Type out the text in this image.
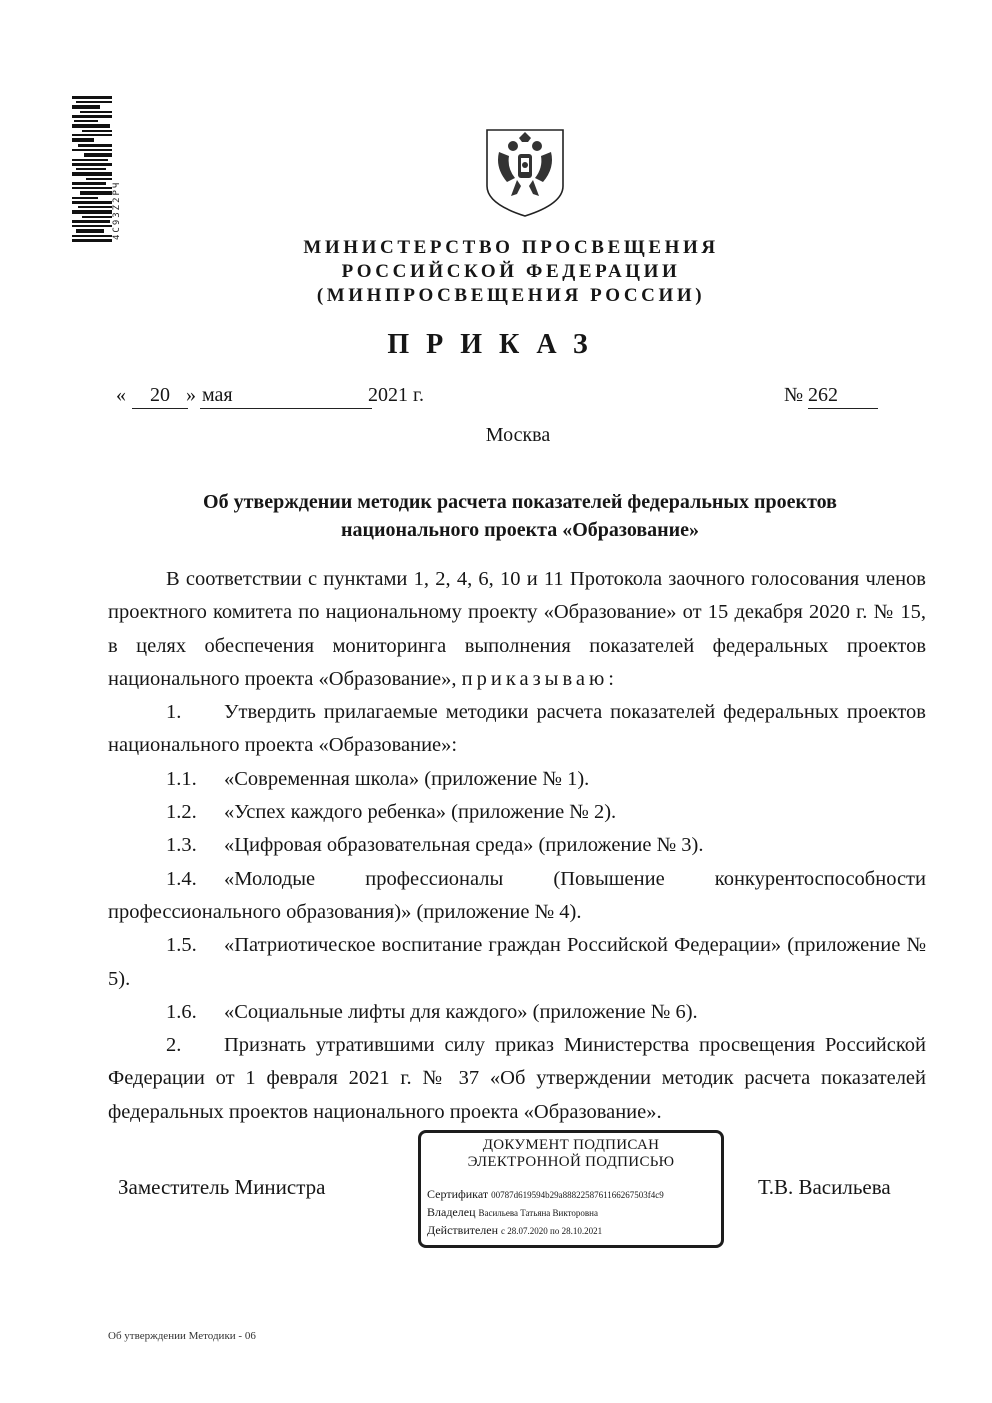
4С93Z2РЧ
МИНИСТЕРСТВО ПРОСВЕЩЕНИЯ
РОССИЙСКОЙ ФЕДЕРАЦИИ
(МИНПРОСВЕЩЕНИЯ РОССИИ)
ПРИКАЗ
«	20 » мая	2021 г.	№ 262
Москва
Об утверждении методик расчета показателей федеральных проектов
национального проекта «Образование»

В соответствии с пунктами 1, 2, 4, 6, 10 и 11 Протокола заочного голосования членов проектного комитета по национальному проекту «Образование» от 15 декабря 2020 г. № 15, в целях обеспечения мониторинга выполнения показателей федеральных проектов национального проекта «Образование», приказываю:

1. Утвердить прилагаемые методики расчета показателей федеральных проектов национального проекта «Образование»:

1.1. «Современная школа» (приложение № 1).

1.2. «Успех каждого ребенка» (приложение № 2).

1.3. «Цифровая образовательная среда» (приложение № 3).

1.4. «Молодые профессионалы (Повышение конкурентоспособности профессионального образования)» (приложение № 4).

1.5. «Патриотическое воспитание граждан Российской Федерации» (приложение № 5).

1.6. «Социальные лифты для каждого» (приложение № 6).

2. Признать утратившими силу приказ Министерства просвещения Российской Федерации от 1 февраля 2021 г. № 37 «Об утверждении методик расчета показателей федеральных проектов национального проекта «Образование».

Заместитель Министра	Т.В. Васильева
ДОКУМЕНТ ПОДПИСАН
ЭЛЕКТРОННОЙ ПОДПИСЬЮ
Сертификат 00787d619594b29a8882258761166267503f4c9
Владелец Васильева Татьяна Викторовна
Действителен с 28.07.2020 по 28.10.2021
Об утверждении Методики - 06
